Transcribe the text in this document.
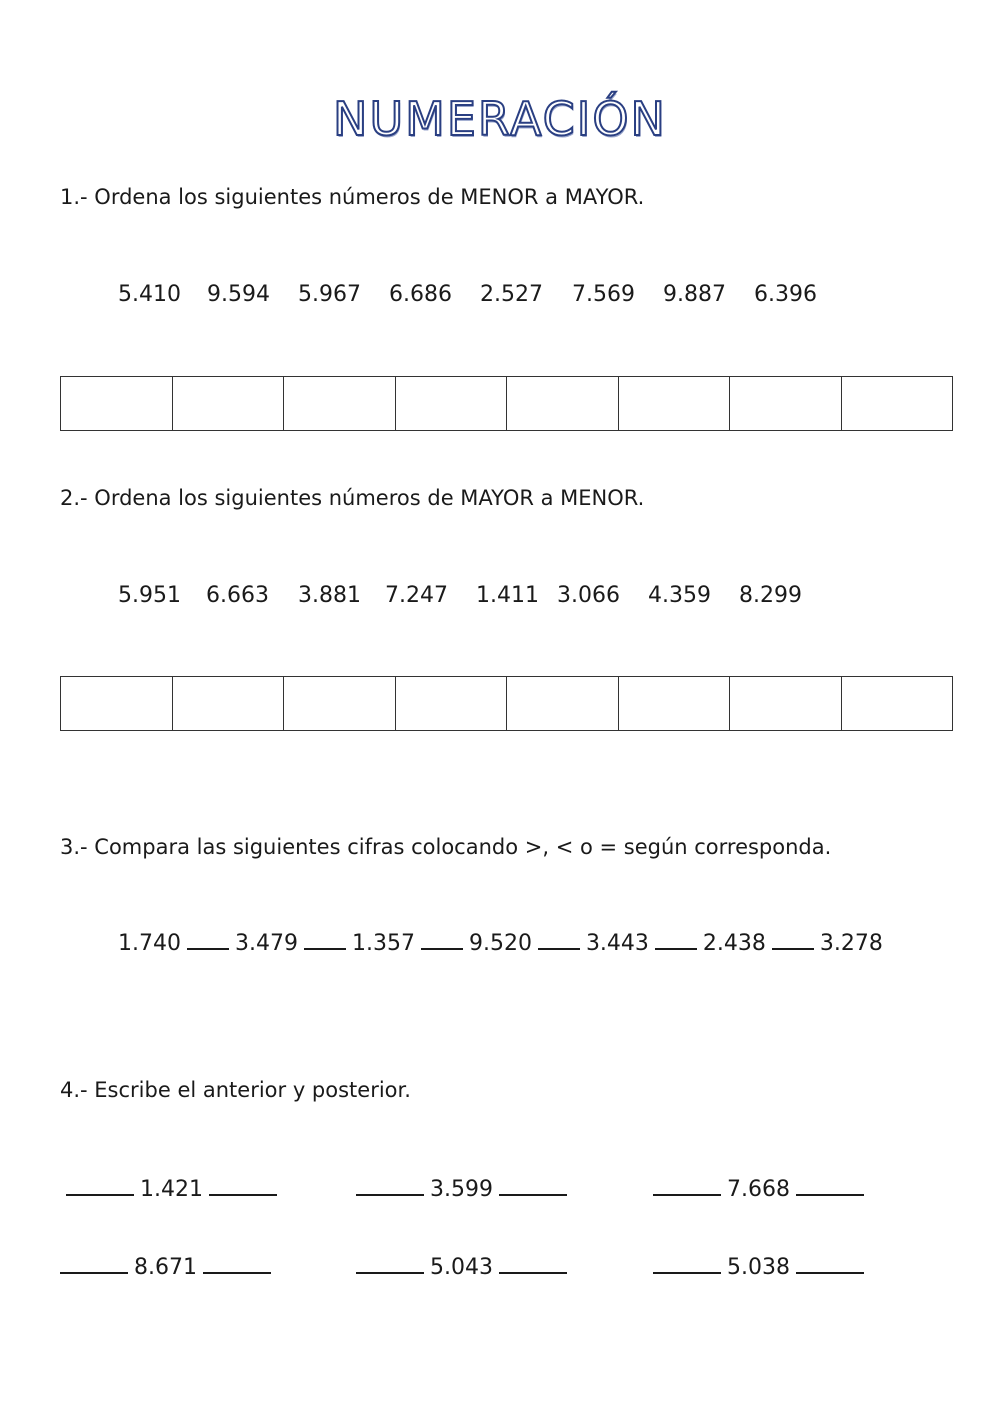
NUMERACIÓN
1.- Ordena los siguientes números de MENOR a MAYOR.
5.410 9.594 5.967 6.686 2.527 7.569 9.887 6.396
2.- Ordena los siguientes números de MAYOR a MENOR.
5.951 6.663 3.881 7.247 1.411 3.066 4.359 8.299
3.- Compara las siguientes cifras colocando >, < o = según corresponda.
1.740 3.479 1.357 9.520 3.443 2.438 3.278
4.- Escribe el anterior y posterior.
1.421	3.599	7.668
8.671	5.043	5.038
